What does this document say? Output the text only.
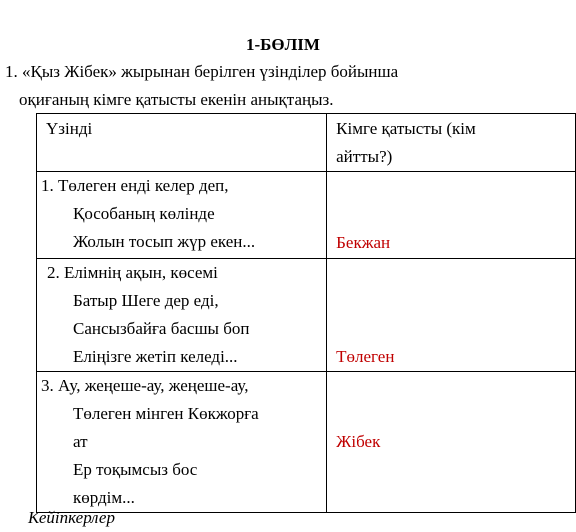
1-БӨЛІМ
1. «Қыз Жібек» жырынан берілген үзінділер бойынша
оқиғаның кімге қатысты екенін анықтаңыз.
Үзінді	Кімге қатысты (кім
айтты?)

1. Төлеген енді келер деп,
Қособаның көлінде
Жолын тосып жүр екен...	Бекжан

2. Елімнің ақын, көсемі
Батыр Шеге дер еді,
Сансызбайға басшы боп
Еліңізге жетіп келеді...	Төлеген

3. Ау, жеңеше-ау, жеңеше-ау,
Төлеген мінген Көкжорға
ат
Ер тоқымсыз бос
көрдім...	Жібек
Кейіпкерлер
